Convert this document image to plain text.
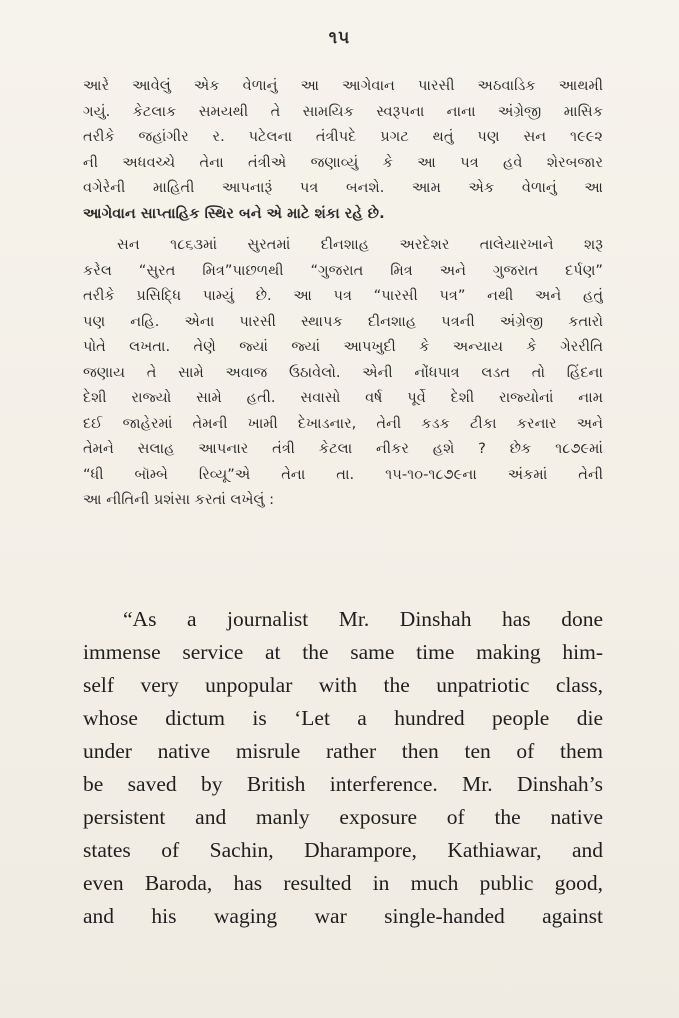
૧૫
આરે આવેલું એક વેળાનું આ આગેવાન પારસી અઠવાડિક આથમી
ગયું. કેટલાક સમયથી તે સામયિક સ્વરૂપના નાના અંગ્રેજી માસિક
તરીકે જહાંગીર ર. પટેલના તંત્રીપદે પ્રગટ થતું પણ સન ૧૯૯૨
ની અધવચ્ચે તેના તંત્રીએ જણાવ્યું કે આ પત્ર હવે શેરબજાર
વગેરેની માહિતી આપનારૂં પત્ર બનશે. આમ એક વેળાનું આ
આગેવાન સાપ્તાહિક સ્થિર બને એ માટે શંકા રહે છે.
સન ૧૮૬૩માં સુરતમાં દીનશાહ અરદેશર તાલેયારખાને શરૂ
કરેલ “સુરત મિત્ર”પાછળથી “ગુજરાત મિત્ર અને ગુજરાત દર્પણ”
તરીકે પ્રસિદ્ધિ પામ્યું છે. આ પત્ર “પારસી પત્ર” નથી અને હતું
પણ નહિ. એના પારસી સ્થાપક દીનશાહ પત્રની અંગ્રેજી કતારો
પોતે લખતા. તેણે જ્યાં જ્યાં આપખુદી કે અન્યાય કે ગેરરીતિ
જણાય તે સામે અવાજ ઉઠાવેલો. એની નોંધપાત્ર લડત તો હિંદના
દેશી રાજ્યો સામે હતી. સવાસો વર્ષ પૂર્વે દેશી રાજ્યોનાં નામ
દઈ જાહેરમાં તેમની ખામી દેખાડનાર, તેની કડક ટીકા કરનાર અને
તેમને સલાહ આપનાર તંત્રી કેટલા નીકર હશે ? છેક ૧૮૭૯માં
“ધી બૉમ્બે રિવ્યૂ”એ તેના તા. ૧૫-૧૦-૧૮૭૯ના અંકમાં તેની
આ નીતિની પ્રશંસા કરતાં લખેલું :
“As a journalist Mr. Dinshah has done
immense service at the same time making him-
self very unpopular with the unpatriotic class,
whose dictum is ‘Let a hundred people die
under native misrule rather then ten of them
be saved by British interference. Mr. Dinshah’s
persistent and manly exposure of the native
states of Sachin, Dharampore, Kathiawar, and
even Baroda, has resulted in much public good,
and his waging war single-handed against
